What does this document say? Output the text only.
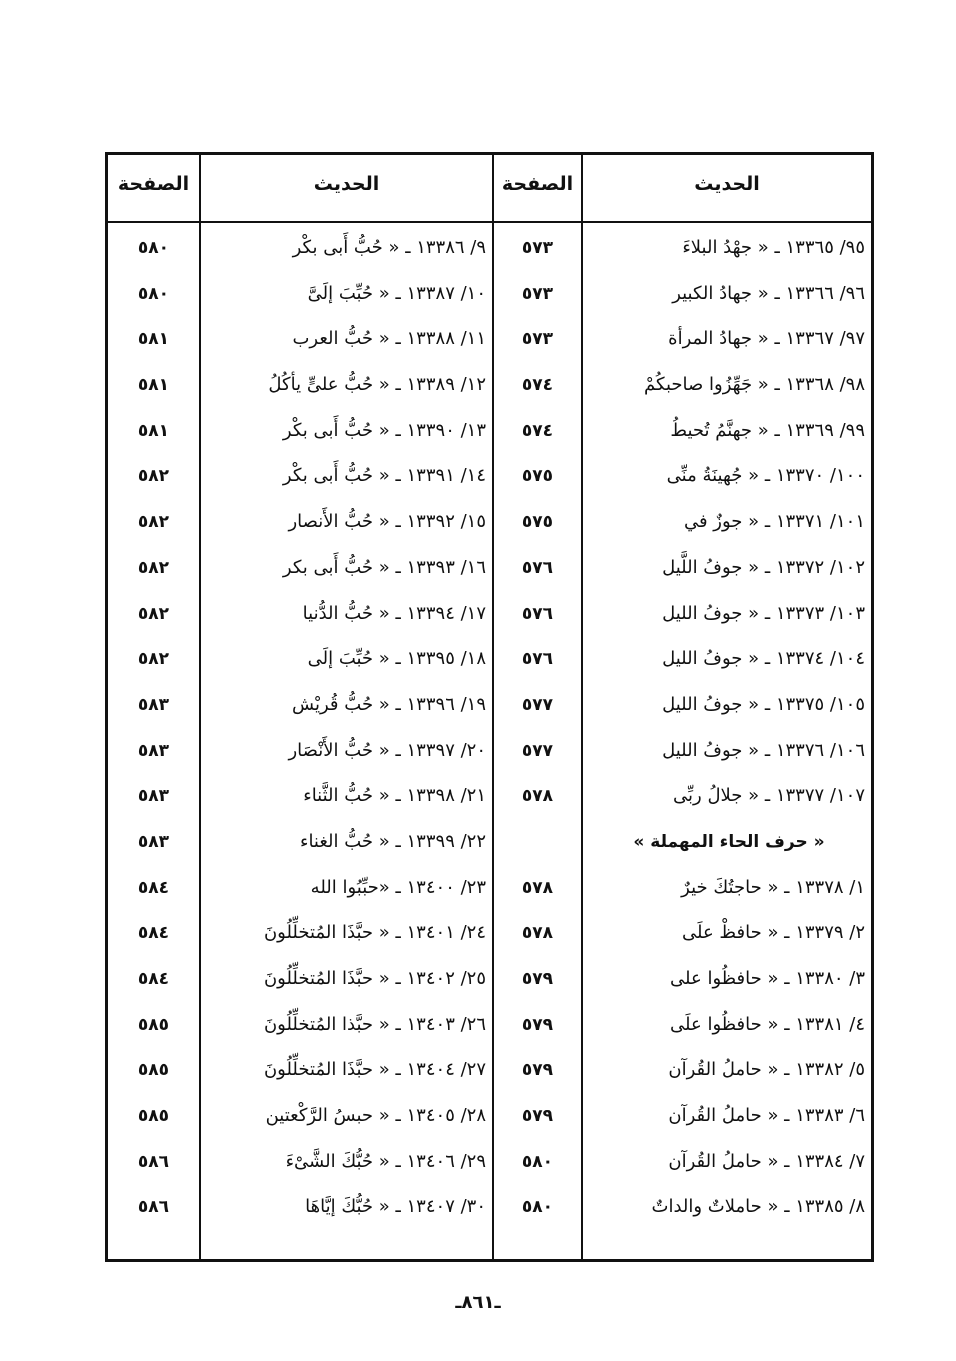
الحديث
الصفحة
الحديث
الصفحة
٩٥/ ١٣٣٦٥ ـ « جهْدُ البلاءَ
٩٦/ ١٣٣٦٦ ـ « جهادُ الكبير
٩٧/ ١٣٣٦٧ ـ « جهادُ المرأة
٩٨/ ١٣٣٦٨ ـ « جَهِّزُوا صاحبكُمْ
٩٩/ ١٣٣٦٩ ـ « جهنَّمُ تُحيطُ
١٠٠/ ١٣٣٧٠ ـ « جُهينَةُ منِّى
١٠١/ ١٣٣٧١ ـ « جوزٌ في
١٠٢/ ١٣٣٧٢ ـ « جوفُ اللَّيل
١٠٣/ ١٣٣٧٣ ـ « جوفُ الليل
١٠٤/ ١٣٣٧٤ ـ « جوفُ الليل
١٠٥/ ١٣٣٧٥ ـ « جوفُ الليل
١٠٦/ ١٣٣٧٦ ـ « جوفُ الليل
١٠٧/ ١٣٣٧٧ ـ « جلالُ ربِّى
« حرف الحاء المهملة »
١/ ١٣٣٧٨ ـ « حاجتُكَ خيرٌ
٢/ ١٣٣٧٩ ـ « حافظْ علَى
٣/ ١٣٣٨٠ ـ « حافظُوا على
٤/ ١٣٣٨١ ـ « حافظُوا علَى
٥/ ١٣٣٨٢ ـ « حاملُ القُرآن
٦/ ١٣٣٨٣ ـ « حاملُ القُرآن
٧/ ١٣٣٨٤ ـ « حاملُ القُرآن
٨/ ١٣٣٨٥ ـ « حاملاتٌ والداتٌ
٥٧٣
٥٧٣
٥٧٣
٥٧٤
٥٧٤
٥٧٥
٥٧٥
٥٧٦
٥٧٦
٥٧٦
٥٧٧
٥٧٧
٥٧٨
٥٧٨
٥٧٨
٥٧٩
٥٧٩
٥٧٩
٥٧٩
٥٨٠
٥٨٠
٩/ ١٣٣٨٦ ـ « حُبُّ أَبى بكْر
١٠/ ١٣٣٨٧ ـ « حُبِّبَ إلَىَّ
١١/ ١٣٣٨٨ ـ « حُبُّ العرب
١٢/ ١٣٣٨٩ ـ « حُبُّ علىٍّ يأكُلُ
١٣/ ١٣٣٩٠ ـ « حُبُّ أَبى بكْر
١٤/ ١٣٣٩١ ـ « حُبُّ أَبى بكْر
١٥/ ١٣٣٩٢ ـ « حُبُّ الأَنصار
١٦/ ١٣٣٩٣ ـ « حُبُّ أَبى بكر
١٧/ ١٣٣٩٤ ـ « حُبُّ الدُّنيا
١٨/ ١٣٣٩٥ ـ « حُبِّبَ إلَى
١٩/ ١٣٣٩٦ ـ « حُبُّ قُريْش
٢٠/ ١٣٣٩٧ ـ « حُبُّ الأَنْصَار
٢١/ ١٣٣٩٨ ـ « حُبُّ الثَّناء
٢٢/ ١٣٣٩٩ ـ « حُبُّ الغناء
٢٣/ ١٣٤٠٠ ـ «حبِّبُوا الله
٢٤/ ١٣٤٠١ ـ « حبَّذَا المُتخلِّلُونَ
٢٥/ ١٣٤٠٢ ـ « حبَّذَا المُتخلِّلُونَ
٢٦/ ١٣٤٠٣ ـ « حبَّذا المُتخلِّلُونَ
٢٧/ ١٣٤٠٤ ـ « حبَّذَا المُتخلِّلُونَ
٢٨/ ١٣٤٠٥ ـ « حبسُ الرَّكْعتين
٢٩/ ١٣٤٠٦ ـ « حُبُّكَ الشَّىْءَ
٣٠/ ١٣٤٠٧ ـ « حُبُّكَ إيَّاهَا
٥٨٠
٥٨٠
٥٨١
٥٨١
٥٨١
٥٨٢
٥٨٢
٥٨٢
٥٨٢
٥٨٢
٥٨٣
٥٨٣
٥٨٣
٥٨٣
٥٨٤
٥٨٤
٥٨٤
٥٨٥
٥٨٥
٥٨٥
٥٨٦
٥٨٦
ـ٨٦١ـ
